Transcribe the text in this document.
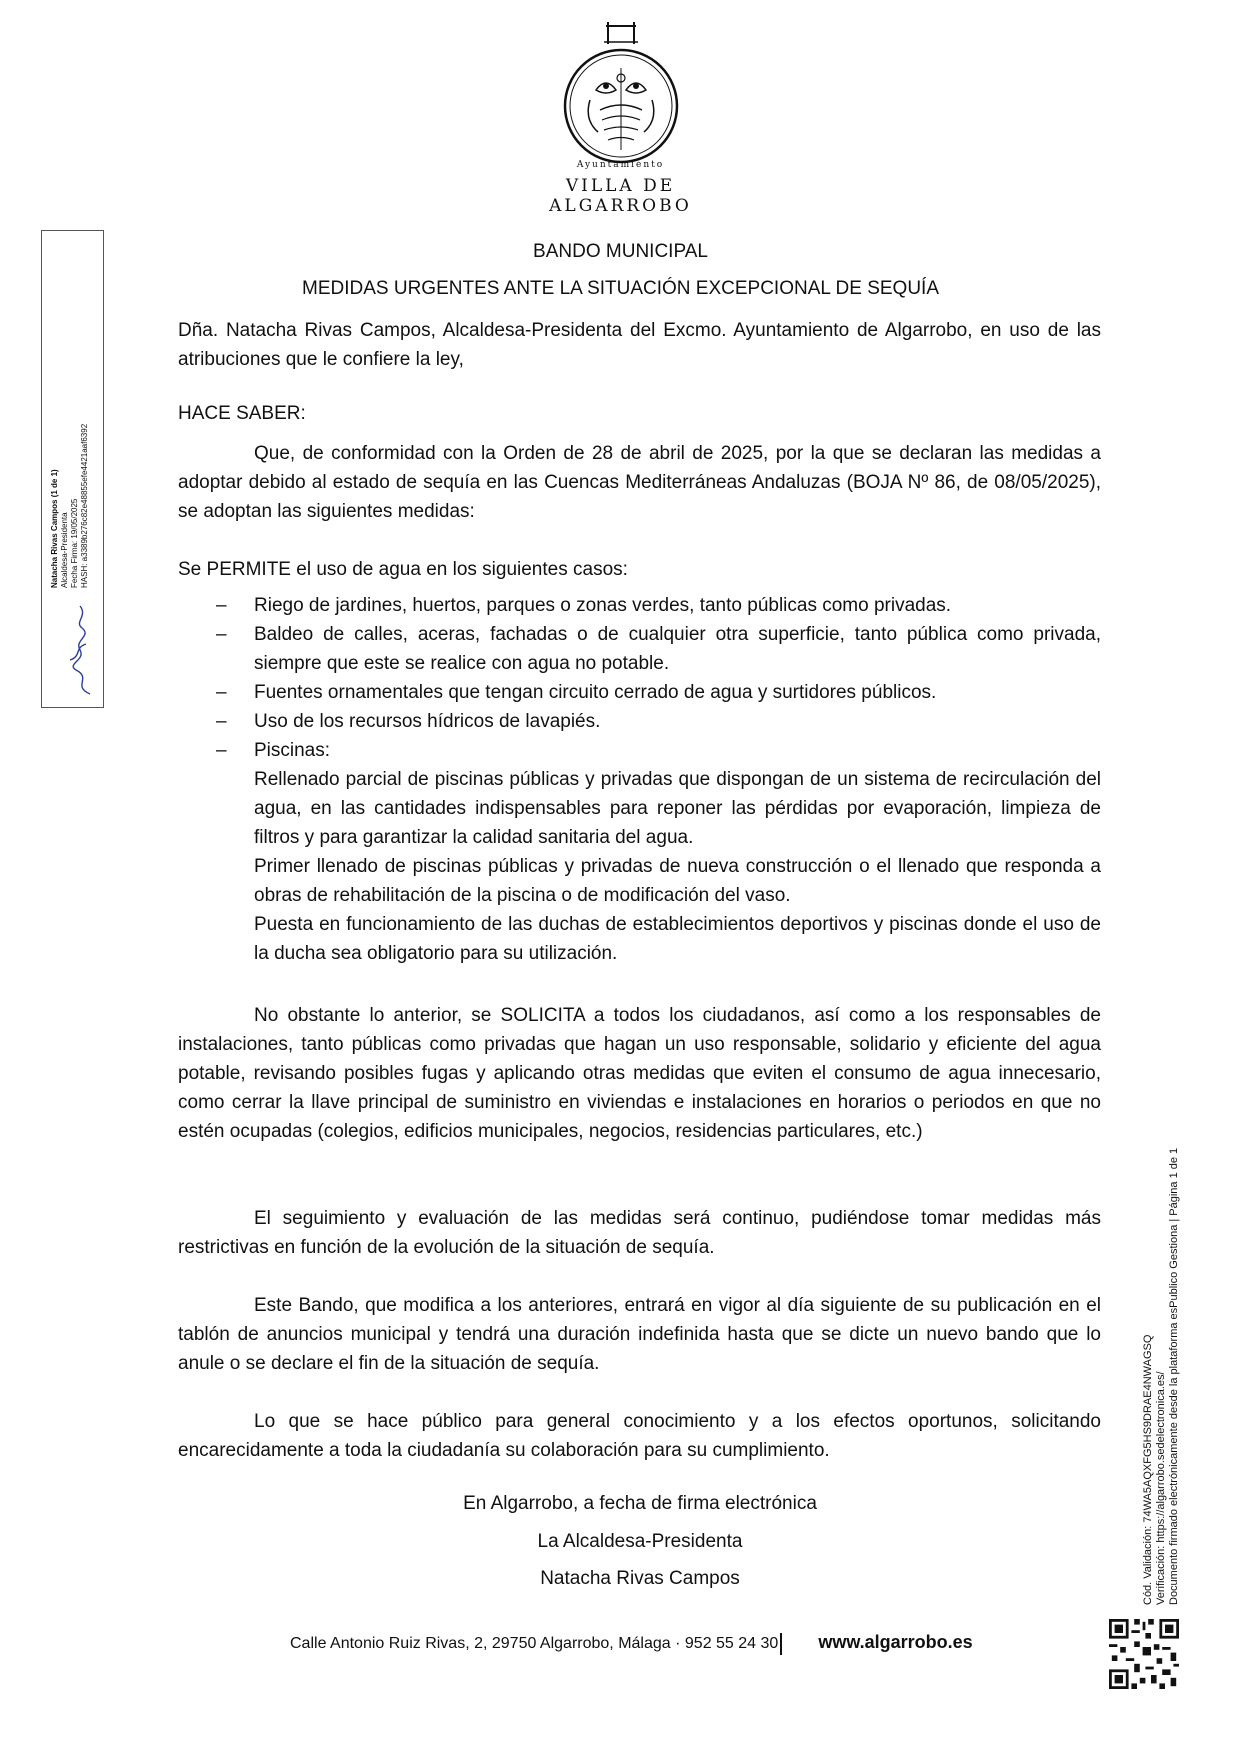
Ayuntamiento
VILLA DE
ALGARROBO
BANDO MUNICIPAL
MEDIDAS URGENTES ANTE LA SITUACIÓN EXCEPCIONAL DE SEQUÍA
Dña. Natacha Rivas Campos, Alcaldesa-Presidenta del Excmo. Ayuntamiento de Algarrobo, en uso de las atribuciones que le confiere la ley,
HACE SABER:
Que, de conformidad con la Orden de 28 de abril de 2025, por la que se declaran las medidas a adoptar debido al estado de sequía en las Cuencas Mediterráneas Andaluzas (BOJA Nº 86, de 08/05/2025), se adoptan las siguientes medidas:
Se PERMITE el uso de agua en los siguientes casos:
– Riego de jardines, huertos, parques o zonas verdes, tanto públicas como privadas.
– Baldeo de calles, aceras, fachadas o de cualquier otra superficie, tanto pública como privada, siempre que este se realice con agua no potable.
– Fuentes ornamentales que tengan circuito cerrado de agua y surtidores públicos.
– Uso de los recursos hídricos de lavapiés.
– Piscinas:
Rellenado parcial de piscinas públicas y privadas que dispongan de un sistema de recirculación del agua, en las cantidades indispensables para reponer las pérdidas por evaporación, limpieza de filtros y para garantizar la calidad sanitaria del agua.
Primer llenado de piscinas públicas y privadas de nueva construcción o el llenado que responda a obras de rehabilitación de la piscina o de modificación del vaso.
Puesta en funcionamiento de las duchas de establecimientos deportivos y piscinas donde el uso de la ducha sea obligatorio para su utilización.
No obstante lo anterior, se SOLICITA a todos los ciudadanos, así como a los responsables de instalaciones, tanto públicas como privadas que hagan un uso responsable, solidario y eficiente del agua potable, revisando posibles fugas y aplicando otras medidas que eviten el consumo de agua innecesario, como cerrar la llave principal de suministro en viviendas e instalaciones en horarios o periodos en que no estén ocupadas (colegios, edificios municipales, negocios, residencias particulares, etc.)
El seguimiento y evaluación de las medidas será continuo, pudiéndose tomar medidas más restrictivas en función de la evolución de la situación de sequía.
Este Bando, que modifica a los anteriores, entrará en vigor al día siguiente de su publicación en el tablón de anuncios municipal y tendrá una duración indefinida hasta que se dicte un nuevo bando que lo anule o se declare el fin de la situación de sequía.
Lo que se hace público para general conocimiento y a los efectos oportunos, solicitando encarecidamente a toda la ciudadanía su colaboración para su cumplimiento.
En Algarrobo, a fecha de firma electrónica
La Alcaldesa-Presidenta
Natacha Rivas Campos
Calle Antonio Ruiz Rivas, 2, 29750 Algarrobo, Málaga · 952 55 24 30 www.algarrobo.es
Natacha Rivas Campos (1 de 1) Alcaldesa-Presidenta Fecha Firma: 19/05/2025 HASH: a3389b276c82e48855efe4421aaf6392
Cód. Validación: 74WA5AQXFG5HS9DRAE4NWAGSQ Verificación: https://algarrobo.sedelectronica.es/ Documento firmado electrónicamente desde la plataforma esPublico Gestiona | Página 1 de 1
